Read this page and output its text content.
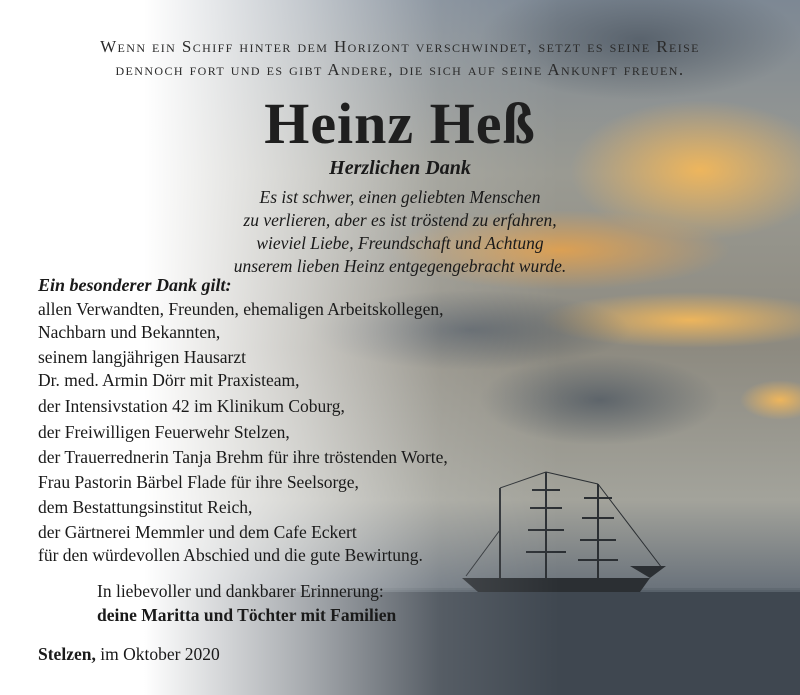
Wenn ein Schiff hinter dem Horizont verschwindet, setzt es seine Reise
dennoch fort und es gibt Andere, die sich auf seine Ankunft freuen.
Heinz Heß
Herzlichen Dank
Es ist schwer, einen geliebten Menschen
zu verlieren, aber es ist tröstend zu erfahren,
wieviel Liebe, Freundschaft und Achtung
unserem lieben Heinz entgegengebracht wurde.
Ein besonderer Dank gilt:
allen Verwandten, Freunden, ehemaligen Arbeitskollegen,
Nachbarn und Bekannten,
seinem langjährigen Hausarzt
Dr. med. Armin Dörr mit Praxisteam,
der Intensivstation 42 im Klinikum Coburg,
der Freiwilligen Feuerwehr Stelzen,
der Trauerrednerin Tanja Brehm für ihre tröstenden Worte,
Frau Pastorin Bärbel Flade für ihre Seelsorge,
dem Bestattungsinstitut Reich,
der Gärtnerei Memmler und dem Cafe Eckert
für den würdevollen Abschied und die gute Bewirtung.
In liebevoller und dankbarer Erinnerung:
deine Maritta und Töchter mit Familien
Stelzen, im Oktober 2020
